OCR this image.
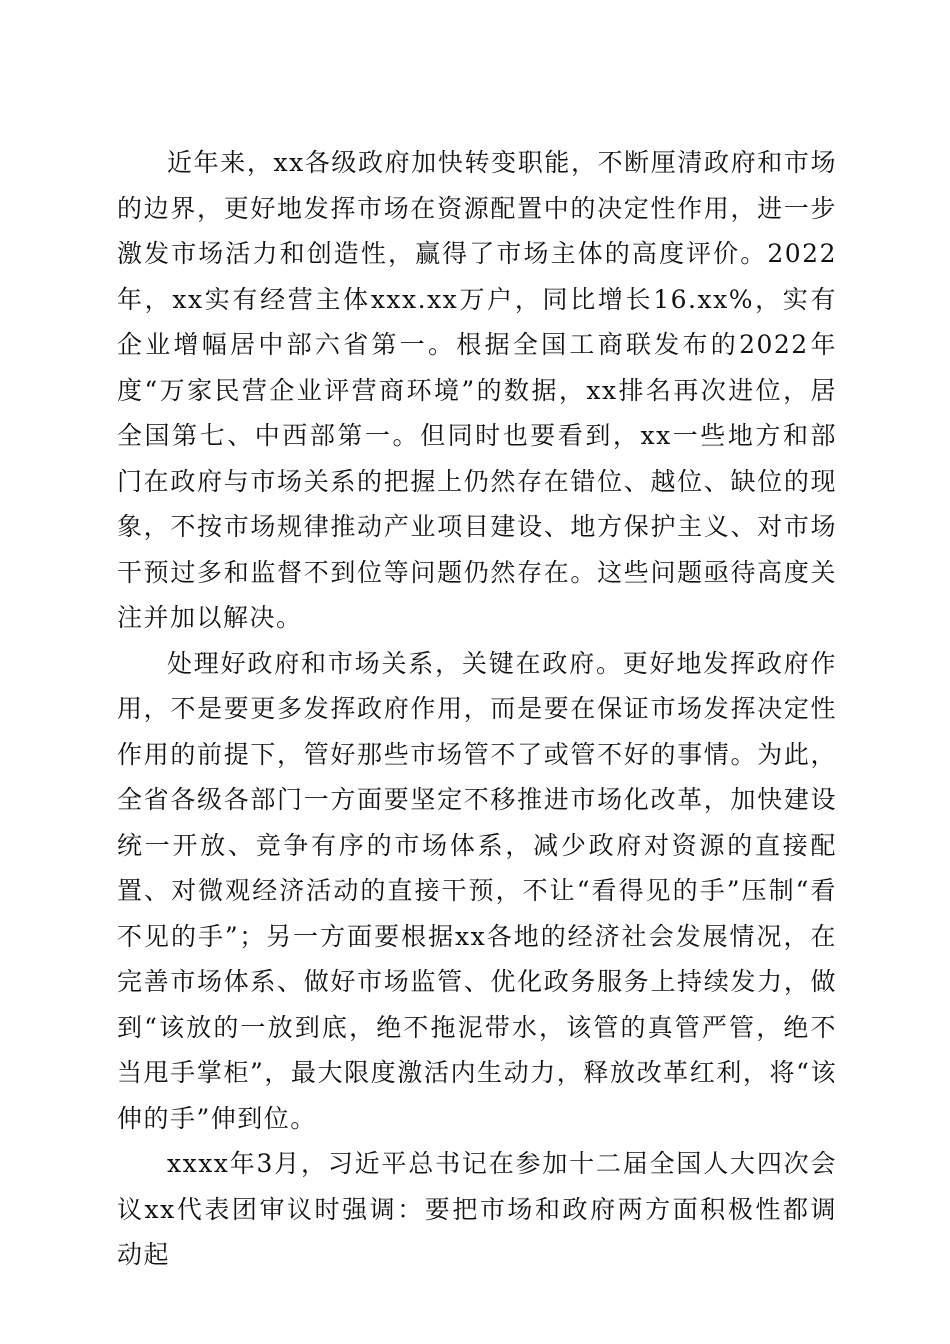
近年来，xx各级政府加快转变职能，不断厘清政府和市场的边界，更好地发挥市场在资源配置中的决定性作用，进一步激发市场活力和创造性，赢得了市场主体的高度评价。2022年，xx实有经营主体xxx.xx万户，同比增长16.xx%，实有企业增幅居中部六省第一。根据全国工商联发布的2022年度“万家民营企业评营商环境”的数据，xx排名再次进位，居全国第七、中西部第一。但同时也要看到，xx一些地方和部门在政府与市场关系的把握上仍然存在错位、越位、缺位的现象，不按市场规律推动产业项目建设、地方保护主义、对市场干预过多和监督不到位等问题仍然存在。这些问题亟待高度关注并加以解决。

处理好政府和市场关系，关键在政府。更好地发挥政府作用，不是要更多发挥政府作用，而是要在保证市场发挥决定性作用的前提下，管好那些市场管不了或管不好的事情。为此，全省各级各部门一方面要坚定不移推进市场化改革，加快建设统一开放、竞争有序的市场体系，减少政府对资源的直接配置、对微观经济活动的直接干预，不让“看得见的手”压制“看不见的手”；另一方面要根据xx各地的经济社会发展情况，在完善市场体系、做好市场监管、优化政务服务上持续发力，做到“该放的一放到底，绝不拖泥带水，该管的真管严管，绝不当甩手掌柜”，最大限度激活内生动力，释放改革红利，将“该伸的手”伸到位。

xxxx年3月，习近平总书记在参加十二届全国人大四次会议xx代表团审议时强调：要把市场和政府两方面积极性都调动起
